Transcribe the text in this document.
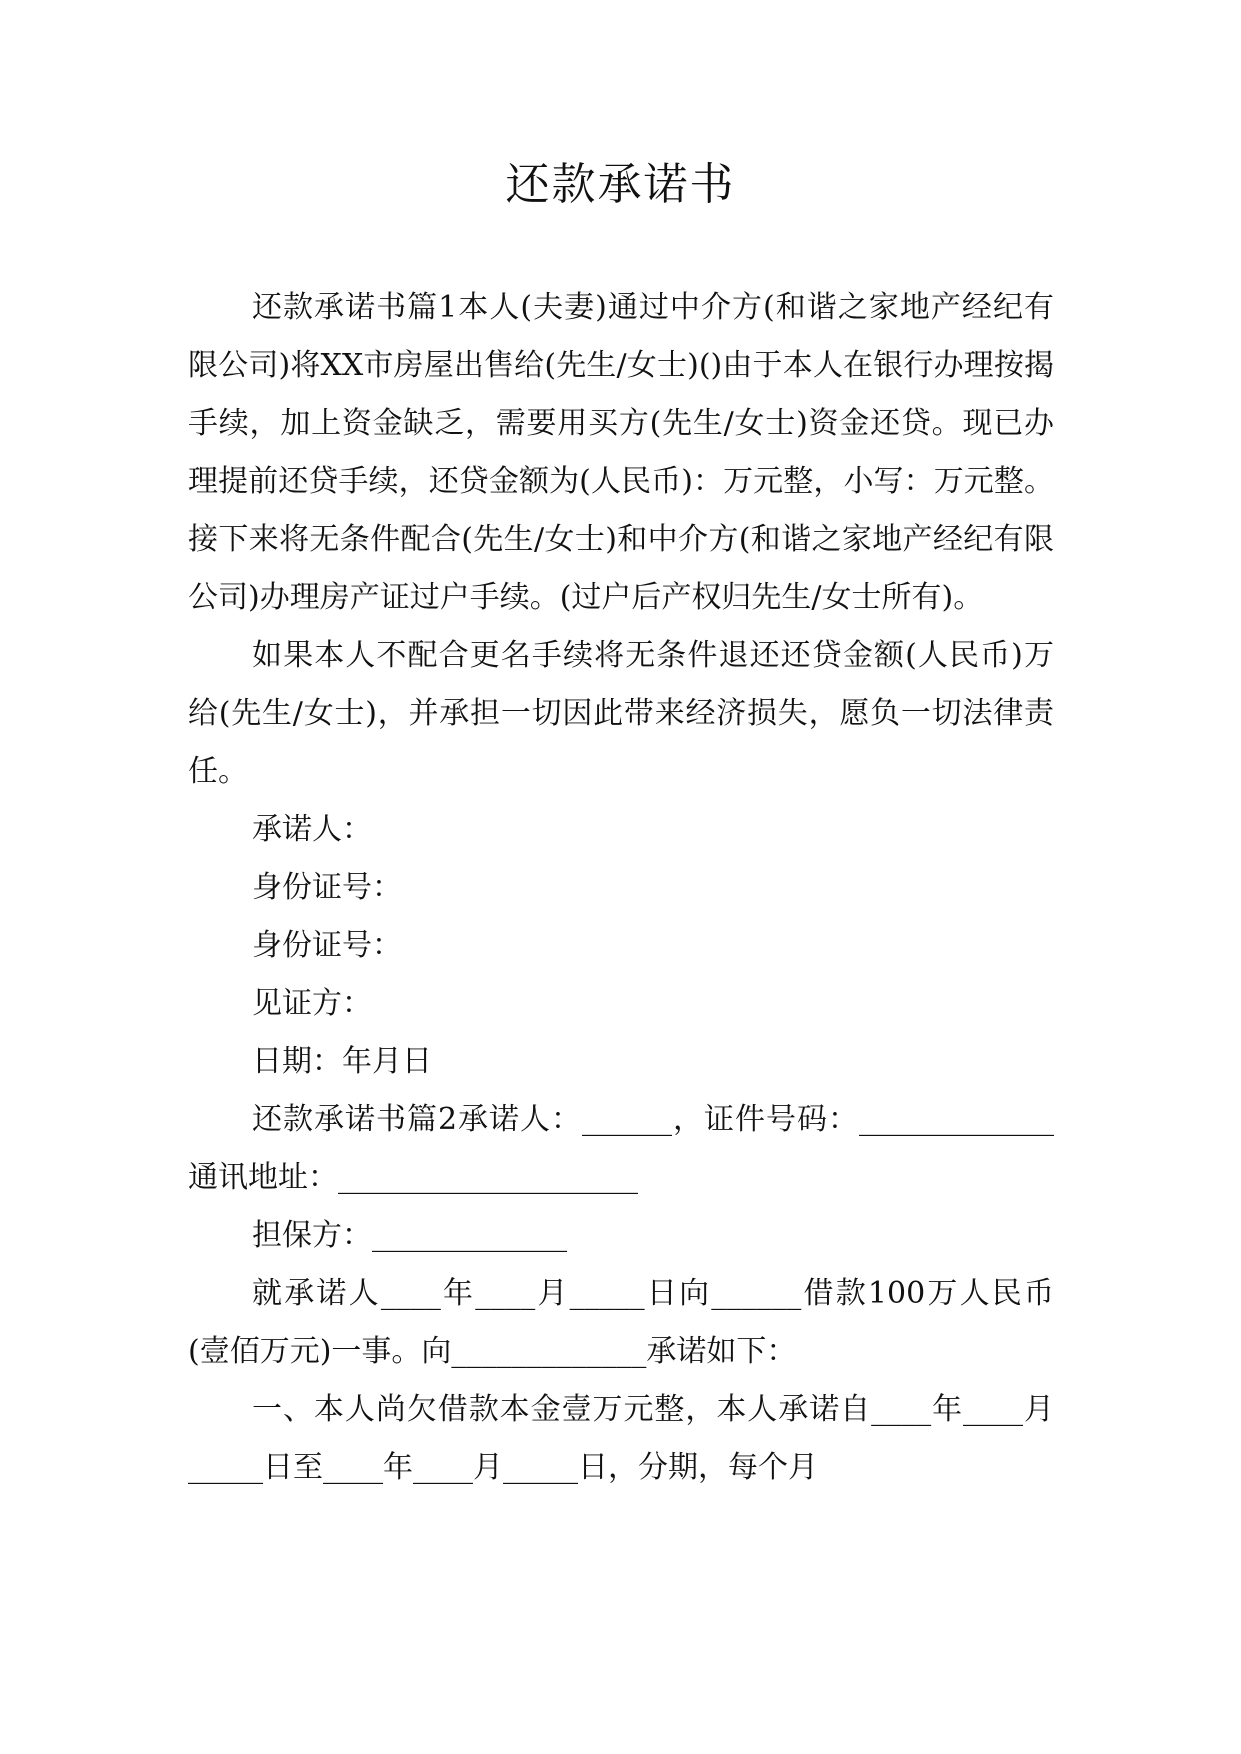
还款承诺书

还款承诺书篇1本人(夫妻)通过中介方(和谐之家地产经纪有限公司)将XX市房屋出售给(先生/女士)()由于本人在银行办理按揭手续，加上资金缺乏，需要用买方(先生/女士)资金还贷。现已办理提前还贷手续，还贷金额为(人民币)：万元整，小写：万元整。接下来将无条件配合(先生/女士)和中介方(和谐之家地产经纪有限公司)办理房产证过户手续。(过户后产权归先生/女士所有)。

如果本人不配合更名手续将无条件退还还贷金额(人民币)万给(先生/女士)，并承担一切因此带来经济损失，愿负一切法律责任。

承诺人：

身份证号：

身份证号：

见证方：

日期：年月日

还款承诺书篇2承诺人：______，证件号码：_____________通讯地址：____________________

担保方：_____________

就承诺人____年____月_____日向______借款100万人民币(壹佰万元)一事。向_____________承诺如下：

一、本人尚欠借款本金壹万元整，本人承诺自____年____月_____日至____年____月_____日，分期，每个月
